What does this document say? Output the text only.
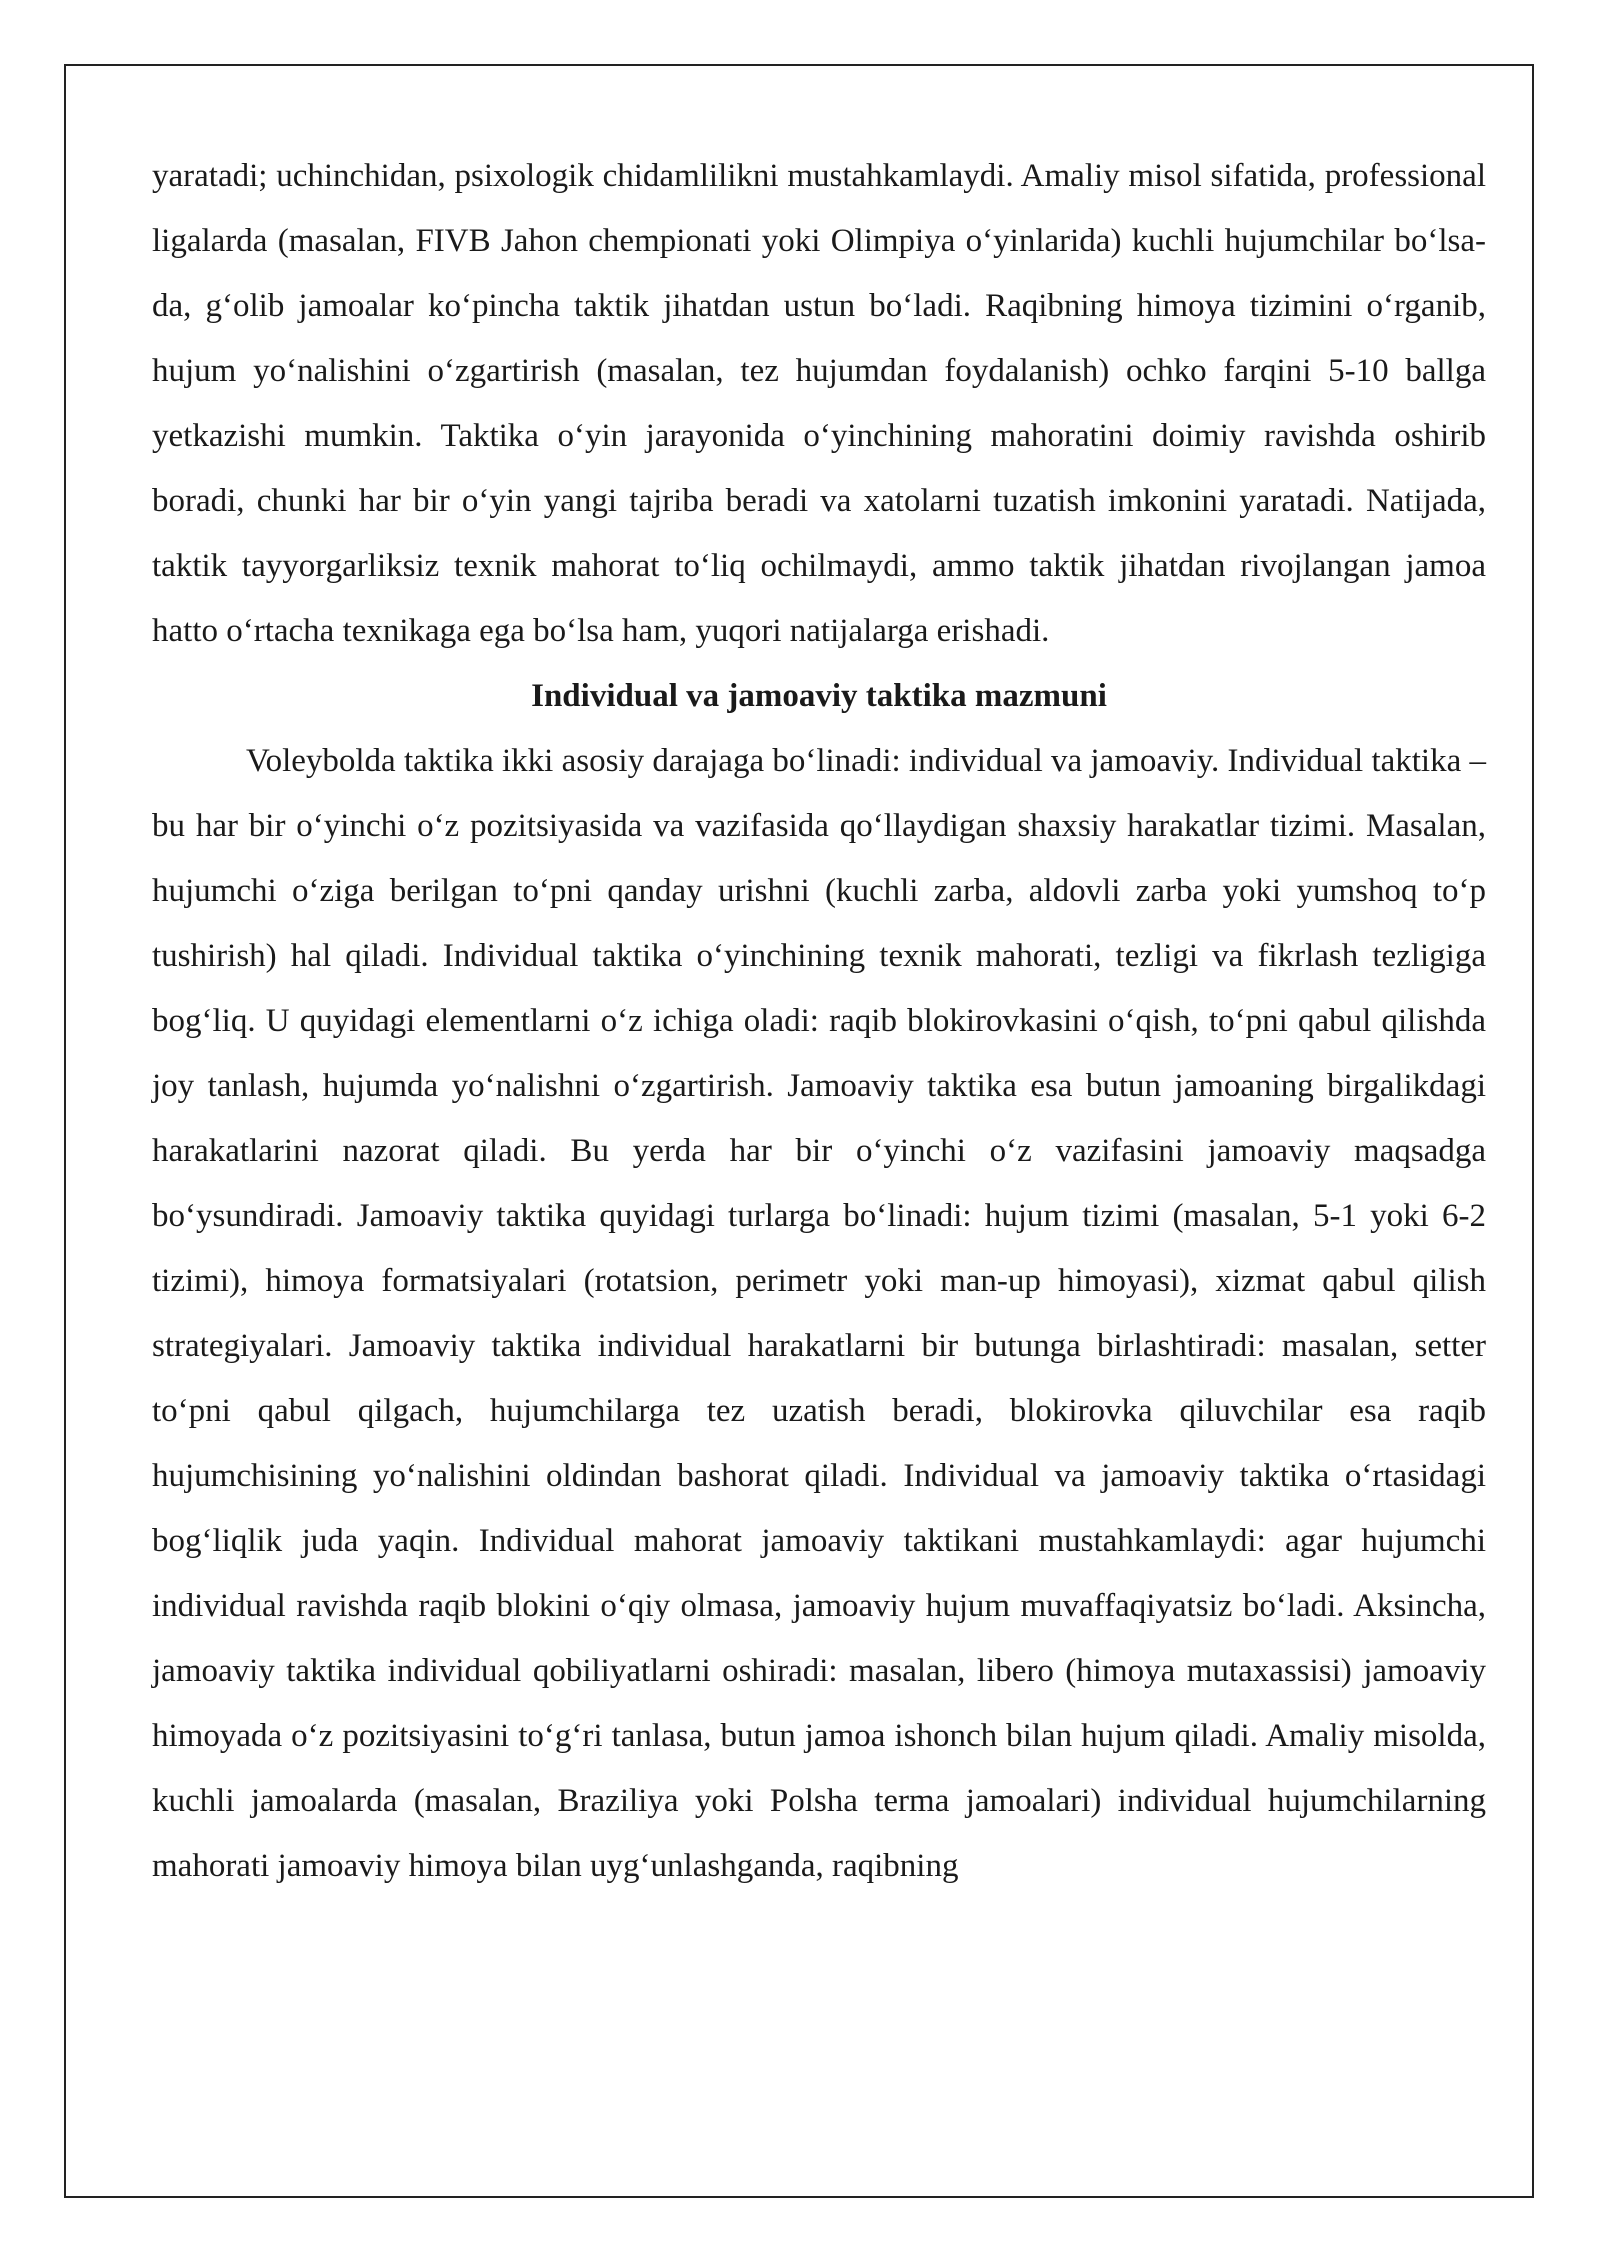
yaratadi; uchinchidan, psixologik chidamlilikni mustahkamlaydi. Amaliy misol sifatida, professional ligalarda (masalan, FIVB Jahon chempionati yoki Olimpiya oʻyinlarida) kuchli hujumchilar boʻlsa-da, gʻolib jamoalar koʻpincha taktik jihatdan ustun boʻladi. Raqibning himoya tizimini oʻrganib, hujum yoʻnalishini oʻzgartirish (masalan, tez hujumdan foydalanish) ochko farqini 5-10 ballga yetkazishi mumkin. Taktika oʻyin jarayonida oʻyinchining mahoratini doimiy ravishda oshirib boradi, chunki har bir oʻyin yangi tajriba beradi va xatolarni tuzatish imkonini yaratadi. Natijada, taktik tayyorgarliksiz texnik mahorat toʻliq ochilmaydi, ammo taktik jihatdan rivojlangan jamoa hatto oʻrtacha texnikaga ega boʻlsa ham, yuqori natijalarga erishadi.

Individual va jamoaviy taktika mazmuni

Voleybolda taktika ikki asosiy darajaga boʻlinadi: individual va jamoaviy. Individual taktika – bu har bir oʻyinchi oʻz pozitsiyasida va vazifasida qoʻllaydigan shaxsiy harakatlar tizimi. Masalan, hujumchi oʻziga berilgan toʻpni qanday urishni (kuchli zarba, aldovli zarba yoki yumshoq toʻp tushirish) hal qiladi. Individual taktika oʻyinchining texnik mahorati, tezligi va fikrlash tezligiga bogʻliq. U quyidagi elementlarni oʻz ichiga oladi: raqib blokirovkasini oʻqish, toʻpni qabul qilishda joy tanlash, hujumda yoʻnalishni oʻzgartirish. Jamoaviy taktika esa butun jamoaning birgalikdagi harakatlarini nazorat qiladi. Bu yerda har bir oʻyinchi oʻz vazifasini jamoaviy maqsadga boʻysundiradi. Jamoaviy taktika quyidagi turlarga boʻlinadi: hujum tizimi (masalan, 5-1 yoki 6-2 tizimi), himoya formatsiyalari (rotatsion, perimetr yoki man-up himoyasi), xizmat qabul qilish strategiyalari. Jamoaviy taktika individual harakatlarni bir butunga birlashtiradi: masalan, setter toʻpni qabul qilgach, hujumchilarga tez uzatish beradi, blokirovka qiluvchilar esa raqib hujumchisining yoʻnalishini oldindan bashorat qiladi. Individual va jamoaviy taktika oʻrtasidagi bogʻliqlik juda yaqin. Individual mahorat jamoaviy taktikani mustahkamlaydi: agar hujumchi individual ravishda raqib blokini oʻqiy olmasa, jamoaviy hujum muvaffaqiyatsiz boʻladi. Aksincha, jamoaviy taktika individual qobiliyatlarni oshiradi: masalan, libero (himoya mutaxassisi) jamoaviy himoyada oʻz pozitsiyasini toʻgʻri tanlasa, butun jamoa ishonch bilan hujum qiladi. Amaliy misolda, kuchli jamoalarda (masalan, Braziliya yoki Polsha terma jamoalari) individual hujumchilarning mahorati jamoaviy himoya bilan uygʻunlashganda, raqibning
